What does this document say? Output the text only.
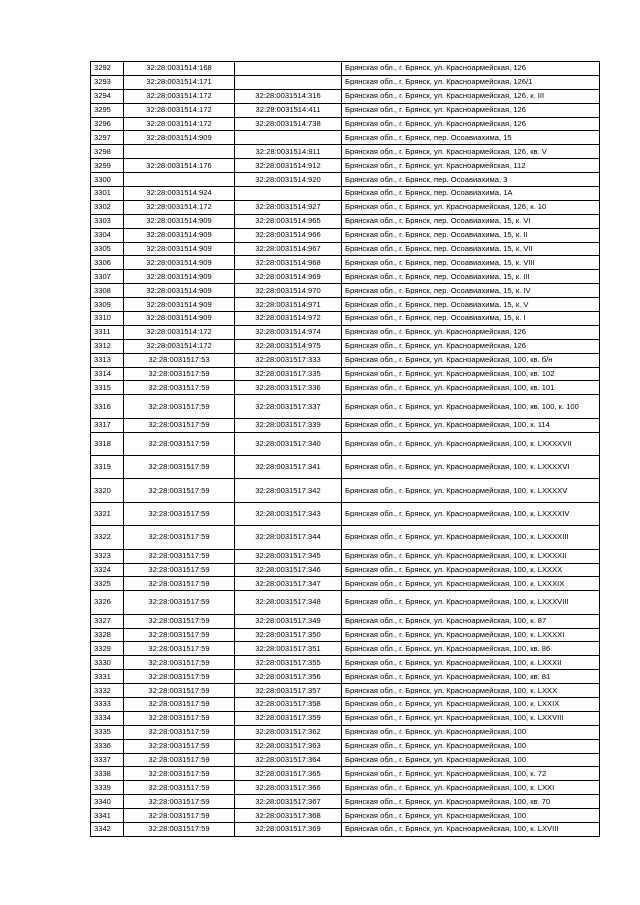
3292	32:28:0031514:168		Брянская обл., г. Брянск, ул. Красноармейская, 126
3293	32:28:0031514:171		Брянская обл., г. Брянск, ул. Красноармейская, 126/1
3294	32:28:0031514:172	32:28:0031514:316	Брянская обл., г. Брянск, ул. Красноармейская, 126, к. III
3295	32:28:0031514:172	32:28:0031514:411	Брянская обл., г. Брянск, ул. Красноармейская, 126
3296	32:28:0031514:172	32:28:0031514:738	Брянская обл., г. Брянск, ул. Красноармейская, 126
3297	32:28:0031514:909		Брянская обл., г. Брянск, пер. Осоавиахима, 15
3298		32:28:0031514:911	Брянская обл., г. Брянск, ул. Красноармейская, 126, кв. V
3299	32:28:0031514:176	32:28:0031514:912	Брянская обл., г. Брянск, ул. Красноармейская, 112
3300		32:28:0031514:920	Брянская обл., г. Брянск, пер. Осоавиахима, 3
3301	32:28:0031514:924		Брянская обл., г. Брянск, пер. Осоавиахима, 1А
3302	32:28:0031514:172	32:28:0031514:927	Брянская обл., г. Брянск, ул. Красноармейская, 126, к. 10
3303	32:28:0031514:909	32:28:0031514:965	Брянская обл., г. Брянск, пер. Осоавиахима, 15, к. VI
3304	32:28:0031514:909	32:28:0031514:966	Брянская обл., г. Брянск, пер. Осоавиахима, 15, к. II
3305	32:28:0031514:909	32:28:0031514:967	Брянская обл., г. Брянск, пер. Осоавиахима, 15, к. VII
3306	32:28:0031514:909	32:28:0031514:968	Брянская обл., г. Брянск, пер. Осоавиахима, 15, к. VIII
3307	32:28:0031514:909	32:28:0031514:969	Брянская обл., г. Брянск, пер. Осоавиахима, 15, к. III
3308	32:28:0031514:909	32:28:0031514:970	Брянская обл., г. Брянск, пер. Осоавиахима, 15, к. IV
3309	32:28:0031514:909	32:28:0031514:971	Брянская обл., г. Брянск, пер. Осоавиахима, 15, к. V
3310	32:28:0031514:909	32:28:0031514:972	Брянская обл., г. Брянск, пер. Осоавиахима, 15, к. I
3311	32:28:0031514:172	32:28:0031514:974	Брянская обл., г. Брянск, ул. Красноармейская, 126
3312	32:28:0031514:172	32:28:0031514:975	Брянская обл., г. Брянск, ул. Красноармейская, 126
3313	32:28:0031517:53	32:28:0031517:333	Брянская обл., г. Брянск, ул. Красноармейская, 100, кв. б/н
3314	32:28:0031517:59	32:28:0031517:335	Брянская обл., г. Брянск, ул. Красноармейская, 100, кв. 102
3315	32:28:0031517:59	32:28:0031517:336	Брянская обл., г. Брянск, ул. Красноармейская, 100, кв. 101
3316	32:28:0031517:59	32:28:0031517:337	Брянская обл., г. Брянск, ул. Красноармейская, 100, кв. 100, к. 100
3317	32:28:0031517:59	32:28:0031517:339	Брянская обл., г. Брянск, ул. Красноармейская, 100, к. 114
3318	32:28:0031517:59	32:28:0031517:340	Брянская обл., г. Брянск, ул. Красноармейская, 100, к. LXXXXVII
3319	32:28:0031517:59	32:28:0031517:341	Брянская обл., г. Брянск, ул. Красноармейская, 100, к. LXXXXVI
3320	32:28:0031517:59	32:28:0031517:342	Брянская обл., г. Брянск, ул. Красноармейская, 100, к. LXXXXV
3321	32:28:0031517:59	32:28:0031517:343	Брянская обл., г. Брянск, ул. Красноармейская, 100, к. LXXXXIV
3322	32:28:0031517:59	32:28:0031517:344	Брянская обл., г. Брянск, ул. Красноармейская, 100, к. LXXXXIII
3323	32:28:0031517:59	32:28:0031517:345	Брянская обл., г. Брянск, ул. Красноармейская, 100, к. LXXXXII
3324	32:28:0031517:59	32:28:0031517:346	Брянская обл., г. Брянск, ул. Красноармейская, 100, к. LXXXX
3325	32:28:0031517:59	32:28:0031517:347	Брянская обл., г. Брянск, ул. Красноармейская, 100, к. LXXXIX
3326	32:28:0031517:59	32:28:0031517:348	Брянская обл., г. Брянск, ул. Красноармейская, 100, к. LXXXVIII
3327	32:28:0031517:59	32:28:0031517:349	Брянская обл., г. Брянск, ул. Красноармейская, 100, к. 87
3328	32:28:0031517:59	32:28:0031517:350	Брянская обл., г. Брянск, ул. Красноармейская, 100, к. LXXXXI
3329	32:28:0031517:59	32:28:0031517:351	Брянская обл., г. Брянск, ул. Красноармейская, 100, кв. 86
3330	32:28:0031517:59	32:28:0031517:355	Брянская обл., г. Брянск, ул. Красноармейская, 100, к. LXXXII
3331	32:28:0031517:59	32:28:0031517:356	Брянская обл., г. Брянск, ул. Красноармейская, 100, кв. 81
3332	32:28:0031517:59	32:28:0031517:357	Брянская обл., г. Брянск, ул. Красноармейская, 100, к. LXXX
3333	32:28:0031517:59	32:28:0031517:358	Брянская обл., г. Брянск, ул. Красноармейская, 100, к. LXXIX
3334	32:28:0031517:59	32:28:0031517:359	Брянская обл., г. Брянск, ул. Красноармейская, 100, к. LXXVIII
3335	32:28:0031517:59	32:28:0031517:362	Брянская обл., г. Брянск, ул. Красноармейская, 100
3336	32:28:0031517:59	32:28:0031517:363	Брянская обл., г. Брянск, ул. Красноармейская, 100
3337	32:28:0031517:59	32:28:0031517:364	Брянская обл., г. Брянск, ул. Красноармейская, 100
3338	32:28:0031517:59	32:28:0031517:365	Брянская обл., г. Брянск, ул. Красноармейская, 100, к. 72
3339	32:28:0031517:59	32:28:0031517:366	Брянская обл., г. Брянск, ул. Красноармейская, 100, к. LXXI
3340	32:28:0031517:59	32:28:0031517:367	Брянская обл., г. Брянск, ул. Красноармейская, 100, кв. 70
3341	32:28:0031517:59	32:28:0031517:368	Брянская обл., г. Брянск, ул. Красноармейская, 100
3342	32:28:0031517:59	32:28:0031517:369	Брянская обл., г. Брянск, ул. Красноармейская, 100, к. LXVIII
